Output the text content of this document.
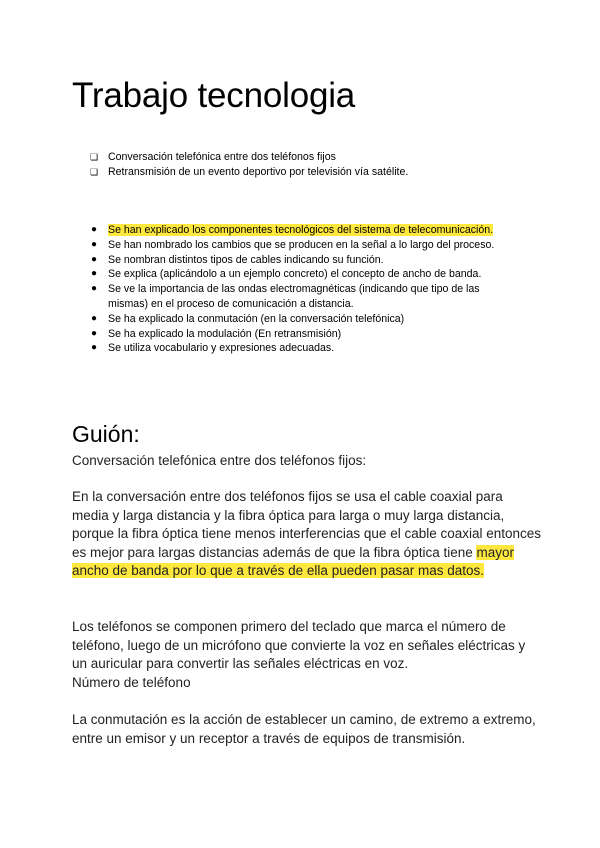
Trabajo tecnologia
❏ Conversación telefónica entre dos teléfonos fijos
❏ Retransmisión de un evento deportivo por televisión vía satélite.
● Se han explicado los componentes tecnológicos del sistema de telecomunicación.
● Se han nombrado los cambios que se producen en la señal a lo largo del proceso.
● Se nombran distintos tipos de cables indicando su función.
● Se explica (aplicándolo a un ejemplo concreto) el concepto de ancho de banda.
● Se ve la importancia de las ondas electromagnéticas (indicando que tipo de las mismas) en el proceso de comunicación a distancia.
● Se ha explicado la conmutación (en la conversación telefónica)
● Se ha explicado la modulación (En retransmisión)
● Se utiliza vocabulario y expresiones adecuadas.
Guión:

Conversación telefónica entre dos teléfonos fijos:

En la conversación entre dos teléfonos fijos se usa el cable coaxial para media y larga distancia y la fibra óptica para larga o muy larga distancia, porque la fibra óptica tiene menos interferencias que el cable coaxial entonces es mejor para largas distancias además de que la fibra óptica tiene mayor ancho de banda por lo que a través de ella pueden pasar mas datos.

Los teléfonos se componen primero del teclado que marca el número de teléfono, luego de un micrófono que convierte la voz en señales eléctricas y un auricular para convertir las señales eléctricas en voz.
Número de teléfono

La conmutación es la acción de establecer un camino, de extremo a extremo, entre un emisor y un receptor a través de equipos de transmisión.
